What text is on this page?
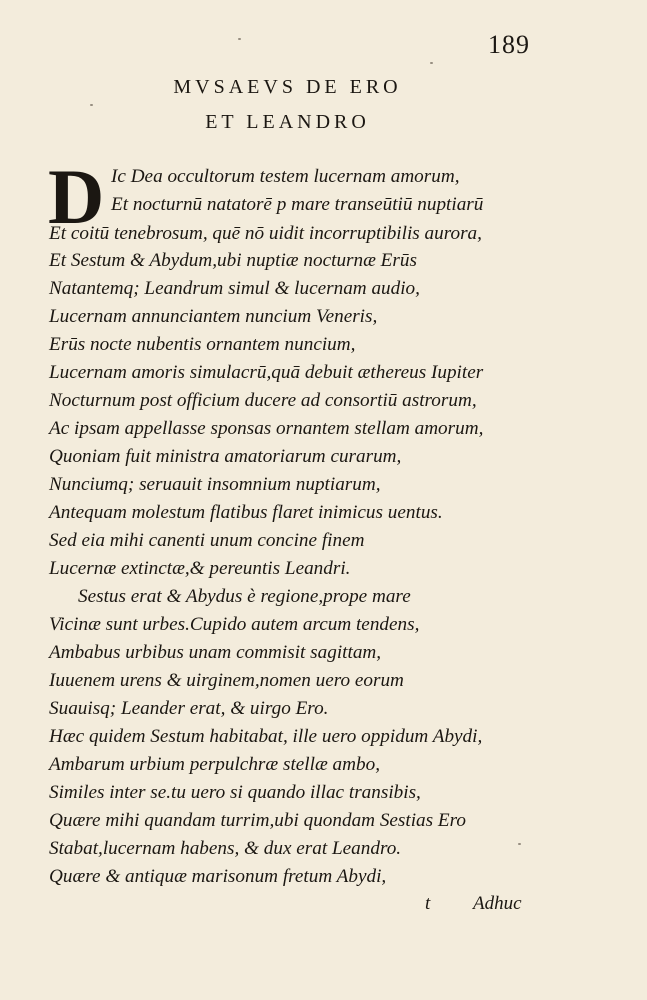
189
MVSAEVS DE ERO
ET LEANDRO
D Ic Dea occultorum testem lucernam amorum,
Et nocturnū natatorē p mare transeūtiū nuptiarū
Et coitū tenebrosum, quē nō uidit incorruptibilis aurora,
Et Sestum & Abydum,ubi nuptiæ nocturnæ Erūs
Natantemq; Leandrum simul & lucernam audio,
Lucernam annunciantem nuncium Veneris,
Erūs nocte nubentis ornantem nuncium,
Lucernam amoris simulacrū,quā debuit æthereus Iupiter
Nocturnum post officium ducere ad consortiū astrorum,
Ac ipsam appellasse sponsas ornantem stellam amorum,
Quoniam fuit ministra amatoriarum curarum,
Nunciumq; seruauit insomnium nuptiarum,
Antequam molestum flatibus flaret inimicus uentus.
Sed eia mihi canenti unum concine finem
Lucernæ extinctæ,& pereuntis Leandri.
Sestus erat & Abydus è regione,prope mare
Vicinæ sunt urbes.Cupido autem arcum tendens,
Ambabus urbibus unam commisit sagittam,
Iuuenem urens & uirginem,nomen uero eorum
Suauisq; Leander erat, & uirgo Ero.
Hæc quidem Sestum habitabat, ille uero oppidum Abydi,
Ambarum urbium perpulchræ stellæ ambo,
Similes inter se.tu uero si quando illac transibis,
Quære mihi quandam turrim,ubi quondam Sestias Ero
Stabat,lucernam habens, & dux erat Leandro.
Quære & antiquæ marisonum fretum Abydi,
t Adhuc
